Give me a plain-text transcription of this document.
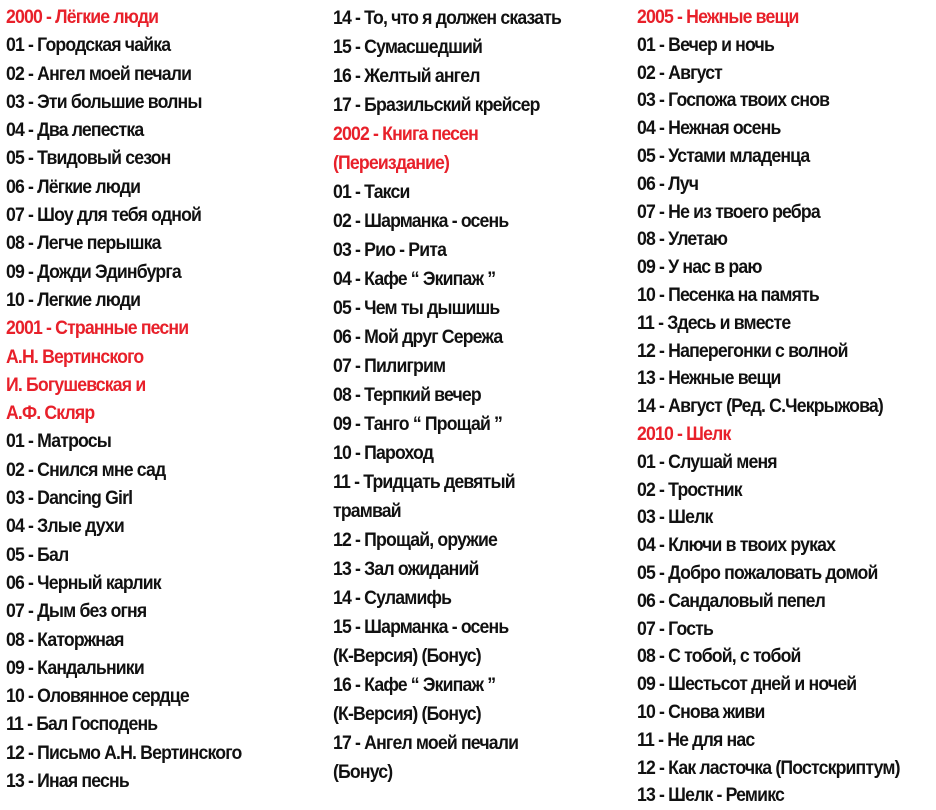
2000 - Лёгкие люди

01 - Городская чайка
02 - Ангел моей печали
03 - Эти большие волны
04 - Два лепестка
05 - Твидовый сезон
06 - Лёгкие люди
07 - Шоу для тебя одной
08 - Легче перышка
09 - Дожди Эдинбурга
10 - Легкие люди

2001 - Странные песни

А.Н. Вертинского

И. Богушевская и

А.Ф. Скляр

01 - Матросы
02 - Снился мне сад
03 - Dancing Girl
04 - Злые духи
05 - Бал
06 - Черный карлик
07 - Дым без огня
08 - Каторжная
09 - Кандальники
10 - Оловянное сердце
11 - Бал Господень
12 - Письмо А.Н. Вертинского
13 - Иная песнь
14 - То, что я должен сказать
15 - Сумасшедший
16 - Желтый ангел
17 - Бразильский крейсер

2002 - Книга песен

(Переиздание)

01 - Такси
02 - Шарманка - осень
03 - Рио - Рита
04 - Кафе “ Экипаж ”
05 - Чем ты дышишь
06 - Мой друг Сережа
07 - Пилигрим
08 - Терпкий вечер
09 - Танго “ Прощай ”
10 - Пароход
11 - Тридцать девятый
трамвай
12 - Прощай, оружие
13 - Зал ожиданий
14 - Суламифь
15 - Шарманка - осень
(К-Версия) (Бонус)
16 - Кафе “ Экипаж ”
(К-Версия) (Бонус)
17 - Ангел моей печали
(Бонус)

2005 - Нежные вещи

01 - Вечер и ночь
02 - Август
03 - Госпожа твоих снов
04 - Нежная осень
05 - Устами младенца
06 - Луч
07 - Не из твоего ребра
08 - Улетаю
09 - У нас в раю
10 - Песенка на память
11 - Здесь и вместе
12 - Наперегонки с волной
13 - Нежные вещи
14 - Август (Ред. С.Чекрыжова)

2010 - Шелк

01 - Слушай меня
02 - Тростник
03 - Шелк
04 - Ключи в твоих руках
05 - Добро пожаловать домой
06 - Сандаловый пепел
07 - Гость
08 - С тобой, с тобой
09 - Шестьсот дней и ночей
10 - Снова живи
11 - Не для нас
12 - Как ласточка (Постскриптум)
13 - Шелк - Ремикс
